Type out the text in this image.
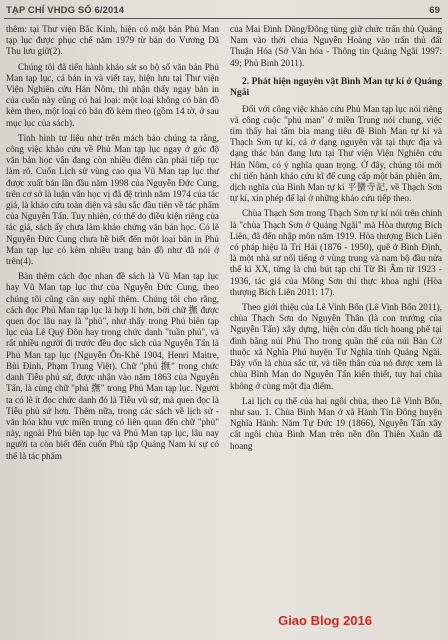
TẠP CHÍ VHDG SỐ 6/2014	69

thêm: tại Thư viện Bắc Kinh, hiện có một bản Phủ Man tạp lục được phục chế năm 1979 từ bản do Vương Dã Thu lưu giữ(2).

Chúng tôi đã tiến hành khảo sát so bộ số văn bản Phủ Man tạp lục, cả bản in và viết tay, hiện lưu tại Thư viện Viện Nghiên cứu Hán Nôm, thì nhận thấy ngay bản in của cuốn này cũng có hai loại: một loại không có bản đồ kèm theo, một loại có bản đồ kèm theo (gồm 14 tờ, ở sau mục lục của sách).

Tình hình tư liệu như trên mách bảo chúng ta rằng, công việc khảo cứu về Phủ Man tạp lục ngay ở góc độ văn bản học vẫn đang còn nhiều điểm cần phải tiếp tục làm rõ. Cuốn Lịch sử vùng cao qua Vũ Man tạp lục thư được xuất bản lần đầu năm 1998 của Nguyễn Đức Cung, trên cơ sở là luận văn học vị đã đệ trình năm 1974 của tác giả, là khảo cứu toàn diện và sâu sắc đầu tiên về tác phẩm của Nguyễn Tấn. Tuy nhiên, có thể do điều kiện riêng của tác giả, sách ấy chưa làm khảo chứng văn bản học. Có lẽ Nguyễn Đức Cung chưa hề biết đến một loại bản in Phủ Man tạp lục có kèm nhiều trang bản đồ như đã nói ở trên(4).

Bàn thêm cách đọc nhan đề sách là Vũ Man tạp lục hay Vũ Man tạp lục thư của Nguyễn Đức Cung, theo chúng tôi cũng cần suy nghĩ thêm. Chúng tôi cho rằng, cách đọc Phủ Man tạp lục là hợp lí hơn, bởi chữ 撫 được quen đọc lâu nay là "phủ", như thấy trong Phủ biên tạp lục của Lê Quý Đôn hay trong chức danh "tuần phủ", và rất nhiều người đi trước đều đọc sách của Nguyễn Tấn là Phủ Man tạp lục (Nguyễn Ôn-Khê 1904, Henri Maitre, Bùi Đình, Phạm Trung Việt). Chữ "phủ 撫" trong chức danh Tiễu phủ sứ, được nhận vào năm 1863 của Nguyễn Tấn, là cùng chữ "phủ 撫" trong Phủ Man tạp lục. Người ta có lẽ ít đọc chức danh đó là Tiễu vũ sứ, mà quen đọc là Tiễu phủ sứ hơn. Thêm nữa, trong các sách về lịch sử - văn hóa khu vực miền trung có liên quan đến chữ "phủ" này, ngoài Phủ biên tạp lục và Phủ Man tạp lục, lâu nay người ta còn biết đến cuốn Phủ tập Quảng Nam kí sự có thể là tác phẩm

của Mai Đình Dũng/Đông tùng giữ chức trấn thủ Quảng Nam vào thời chúa Nguyễn Hoàng vào trấn thủ đất Thuận Hóa (Sở Văn hóa - Thông tin Quảng Ngãi 1997: 49; Phủ Bình 2011).

2. Phát hiện nguyên vật Bình Man tự kí ở Quảng Ngãi

Đối với công việc khảo cứu Phủ Man tạp lục nói riêng và công cuộc "phủ man" ở miền Trung nói chung, việc tìm thấy hai tấm bia mang tiêu đề Bình Man tự kí và Thạch Sơn tự kí, cả ở dạng nguyên vật tại thực địa và dạng thác bản đang lưu tại Thư viện Viện Nghiên cứu Hán Nôm, có ý nghĩa quan trọng. Ở đây, chúng tôi mới chỉ tiến hành khảo cứu kĩ để cung cấp một bản phiên âm, dịch nghĩa của Bình Man tự kí 平蠻寺記, về Thạch Sơn tự kí, xin phép để lại ở những khảo cứu tiếp theo.

Chùa Thạch Sơn trong Thạch Sơn tự kí nói trên chính là "chùa Thạch Sơn ở Quảng Ngãi" mà Hòa thượng Bích Liên, đã đến nhập môn năm 1919. Hòa thượng Bích Liên có pháp hiệu là Trí Hải (1876 - 1950), quê ở Bình Định, là một nhà sư nổi tiếng ở vùng trung và nam bộ đầu nửa thế kỉ XX, từng là chủ bút tạp chí Từ Bi Âm từ 1923 - 1936, tác giả của Mông Sơn thí thực khoa nghi (Hòa thượng Bích Liên 2011: 17).

Theo giới thiệu của Lê Vinh Bốn (Lê Vinh Bốn 2011), chùa Thạch Sơn do Nguyễn Thân (là con trưởng của Nguyễn Tấn) xây dựng, hiện còn dấu tích hoang phế tại đình bằng núi Phú Tho trong quần thể của núi Bàn Cờ thuộc xã Nghĩa Phú huyện Tư Nghĩa tỉnh Quảng Ngãi. Đây vốn là chùa sắc tứ, và tiền thân của nó được xem là chùa Bình Man do Nguyễn Tấn kiến thiết, tuy hai chùa không ở cùng một địa điểm.

Lai lịch cụ thể của hai ngôi chùa, theo Lê Vinh Bốn, như sau. 1. Chùa Bình Man ở xã Hành Tín Đông huyện Nghĩa Hành: Năm Tự Đức 19 (1866), Nguyễn Tấn xây cất ngôi chùa Bình Man trên nền đồn Thiên Xuân đã hoang

Giao Blog 2016
